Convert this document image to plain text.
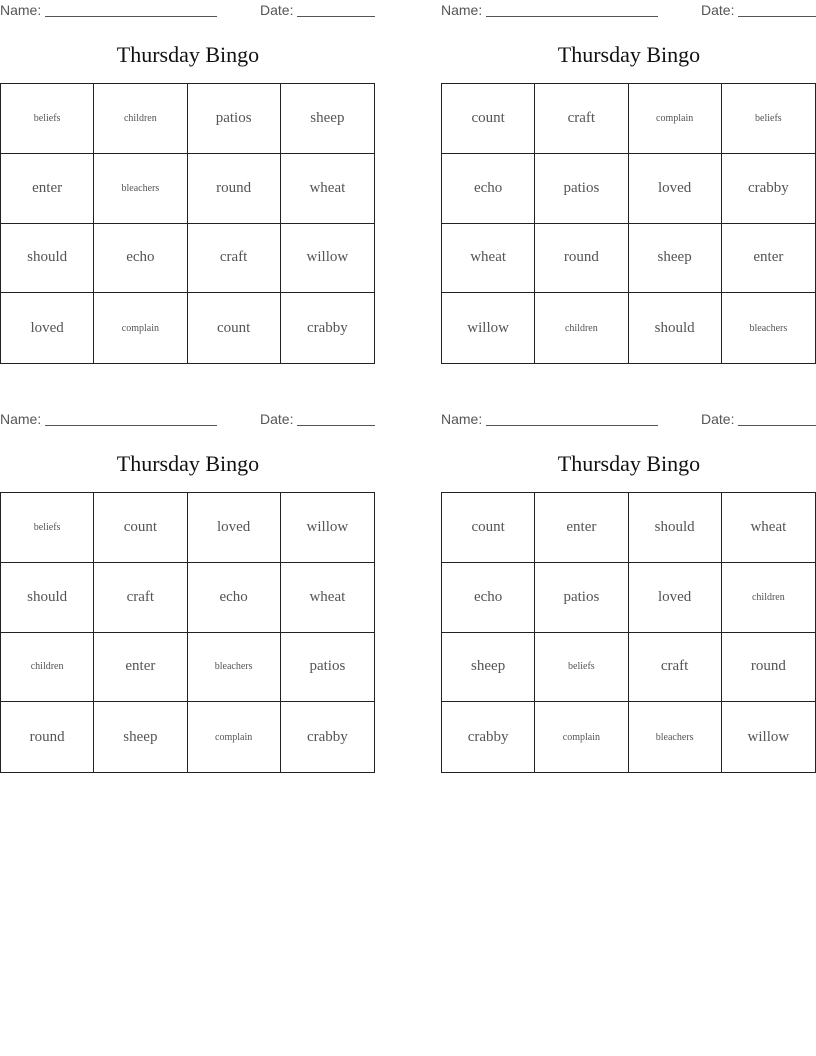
Name:	Date:
Thursday Bingo
beliefs	children	patios	sheep
enter	bleachers	round	wheat
should	echo	craft	willow
loved	complain	count	crabby
Name:	Date:
Thursday Bingo
count	craft	complain	beliefs
echo	patios	loved	crabby
wheat	round	sheep	enter
willow	children	should	bleachers
Name:	Date:
Thursday Bingo
beliefs	count	loved	willow
should	craft	echo	wheat
children	enter	bleachers	patios
round	sheep	complain	crabby
Name:	Date:
Thursday Bingo
count	enter	should	wheat
echo	patios	loved	children
sheep	beliefs	craft	round
crabby	complain	bleachers	willow
